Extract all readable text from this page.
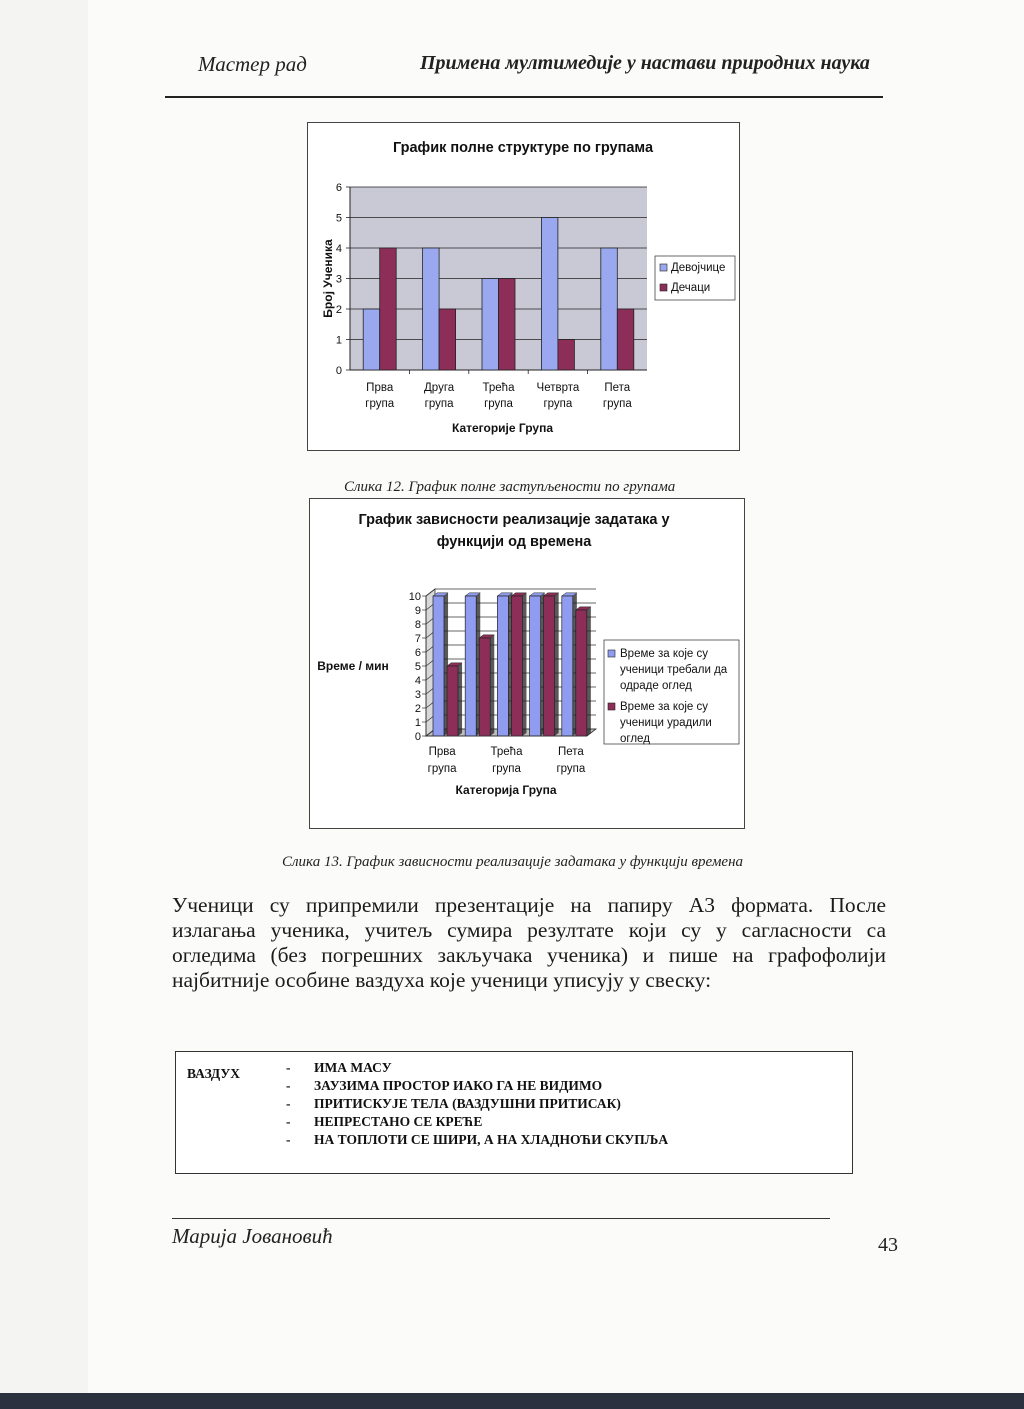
Мастер рад	Примена мултимедије у настави природних наука
График полне структуре по групама
0
1
2
3
4
5
6
Прва
група
Друга
група
Трећа
група
Четврта
група
Пета
група
Категорије Група
Број Ученика	Девојчице
Дечаци
Слика 12. График полне заступљености по групама
График зависности реализације задатака у
функцији од времена
0
1
2
3
4
5
6
7
8
9
10
Прва
група
Трећа
група
Пета
група
Категорија Група
Време / мин
Време за које су
ученици требали да
одраде оглед
Време за које су
ученици урадили
оглед
Слика 13. График зависности реализације задатака у функцији времена

Ученици су припремили презентације на папиру А3 формата. После излагања ученика, учитељ сумира резултате који су у сагласности са огледима (без погрешних закључака ученика) и пише на графофолији најбитније особине ваздуха које ученици уписују у свеску:

ВАЗДУХ	- ИМА МАСУ
- ЗАУЗИМА ПРОСТОР ИАКО ГА НЕ ВИДИМО
- ПРИТИСКУЈЕ ТЕЛА (ВАЗДУШНИ ПРИТИСАК)
- НЕПРЕСТАНО СЕ КРЕЋЕ
- НА ТОПЛОТИ СЕ ШИРИ, А НА ХЛАДНОЋИ СКУПЉА
Марија Јовановић	43
